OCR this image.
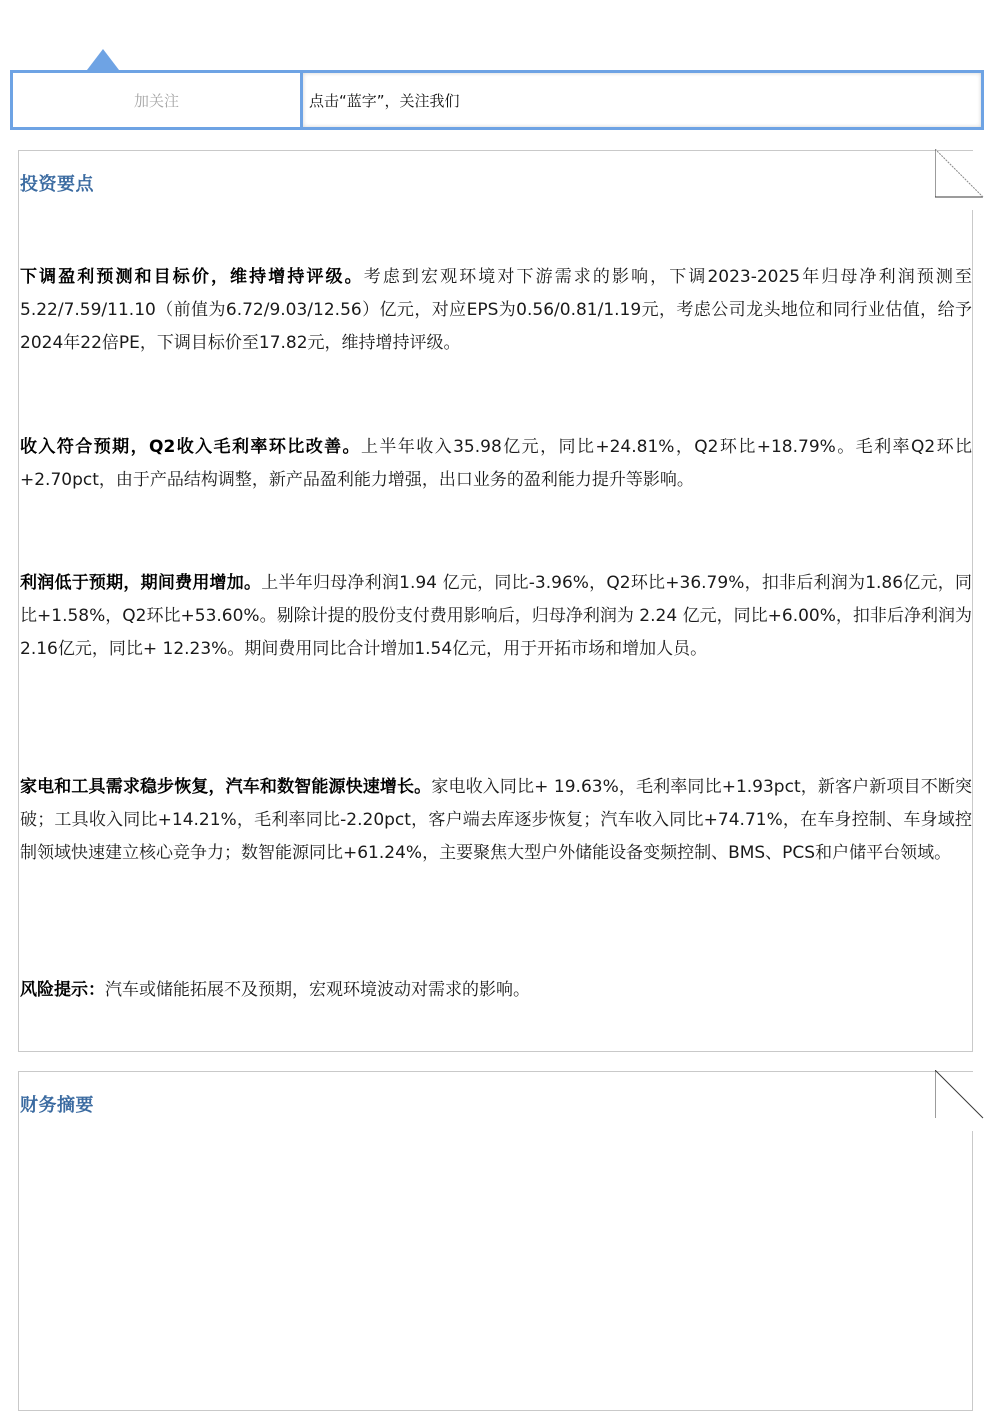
加关注	点击“蓝字”，关注我们
投资要点
下调盈利预测和目标价，维持增持评级。考虑到宏观环境对下游需求的影响，下调2023-2025年归母净利润预测至5.22/7.59/11.10（前值为6.72/9.03/12.56）亿元，对应EPS为0.56/0.81/1.19元，考虑公司龙头地位和同行业估值，给予2024年22倍PE，下调目标价至17.82元，维持增持评级。
收入符合预期，Q2收入毛利率环比改善。上半年收入35.98亿元，同比+24.81%，Q2环比+18.79%。毛利率Q2环比+2.70pct，由于产品结构调整，新产品盈利能力增强，出口业务的盈利能力提升等影响。
利润低于预期，期间费用增加。上半年归母净利润1.94 亿元，同比-3.96%，Q2环比+36.79%，扣非后利润为1.86亿元，同比+1.58%，Q2环比+53.60%。剔除计提的股份支付费用影响后，归母净利润为 2.24 亿元，同比+6.00%，扣非后净利润为2.16亿元，同比+ 12.23%。期间费用同比合计增加1.54亿元，用于开拓市场和增加人员。
家电和工具需求稳步恢复，汽车和数智能源快速增长。家电收入同比+ 19.63%，毛利率同比+1.93pct，新客户新项目不断突破；工具收入同比+14.21%，毛利率同比-2.20pct，客户端去库逐步恢复；汽车收入同比+74.71%，在车身控制、车身域控制领域快速建立核心竞争力；数智能源同比+61.24%，主要聚焦大型户外储能设备变频控制、BMS、PCS和户储平台领域。
风险提示：汽车或储能拓展不及预期，宏观环境波动对需求的影响。
财务摘要
